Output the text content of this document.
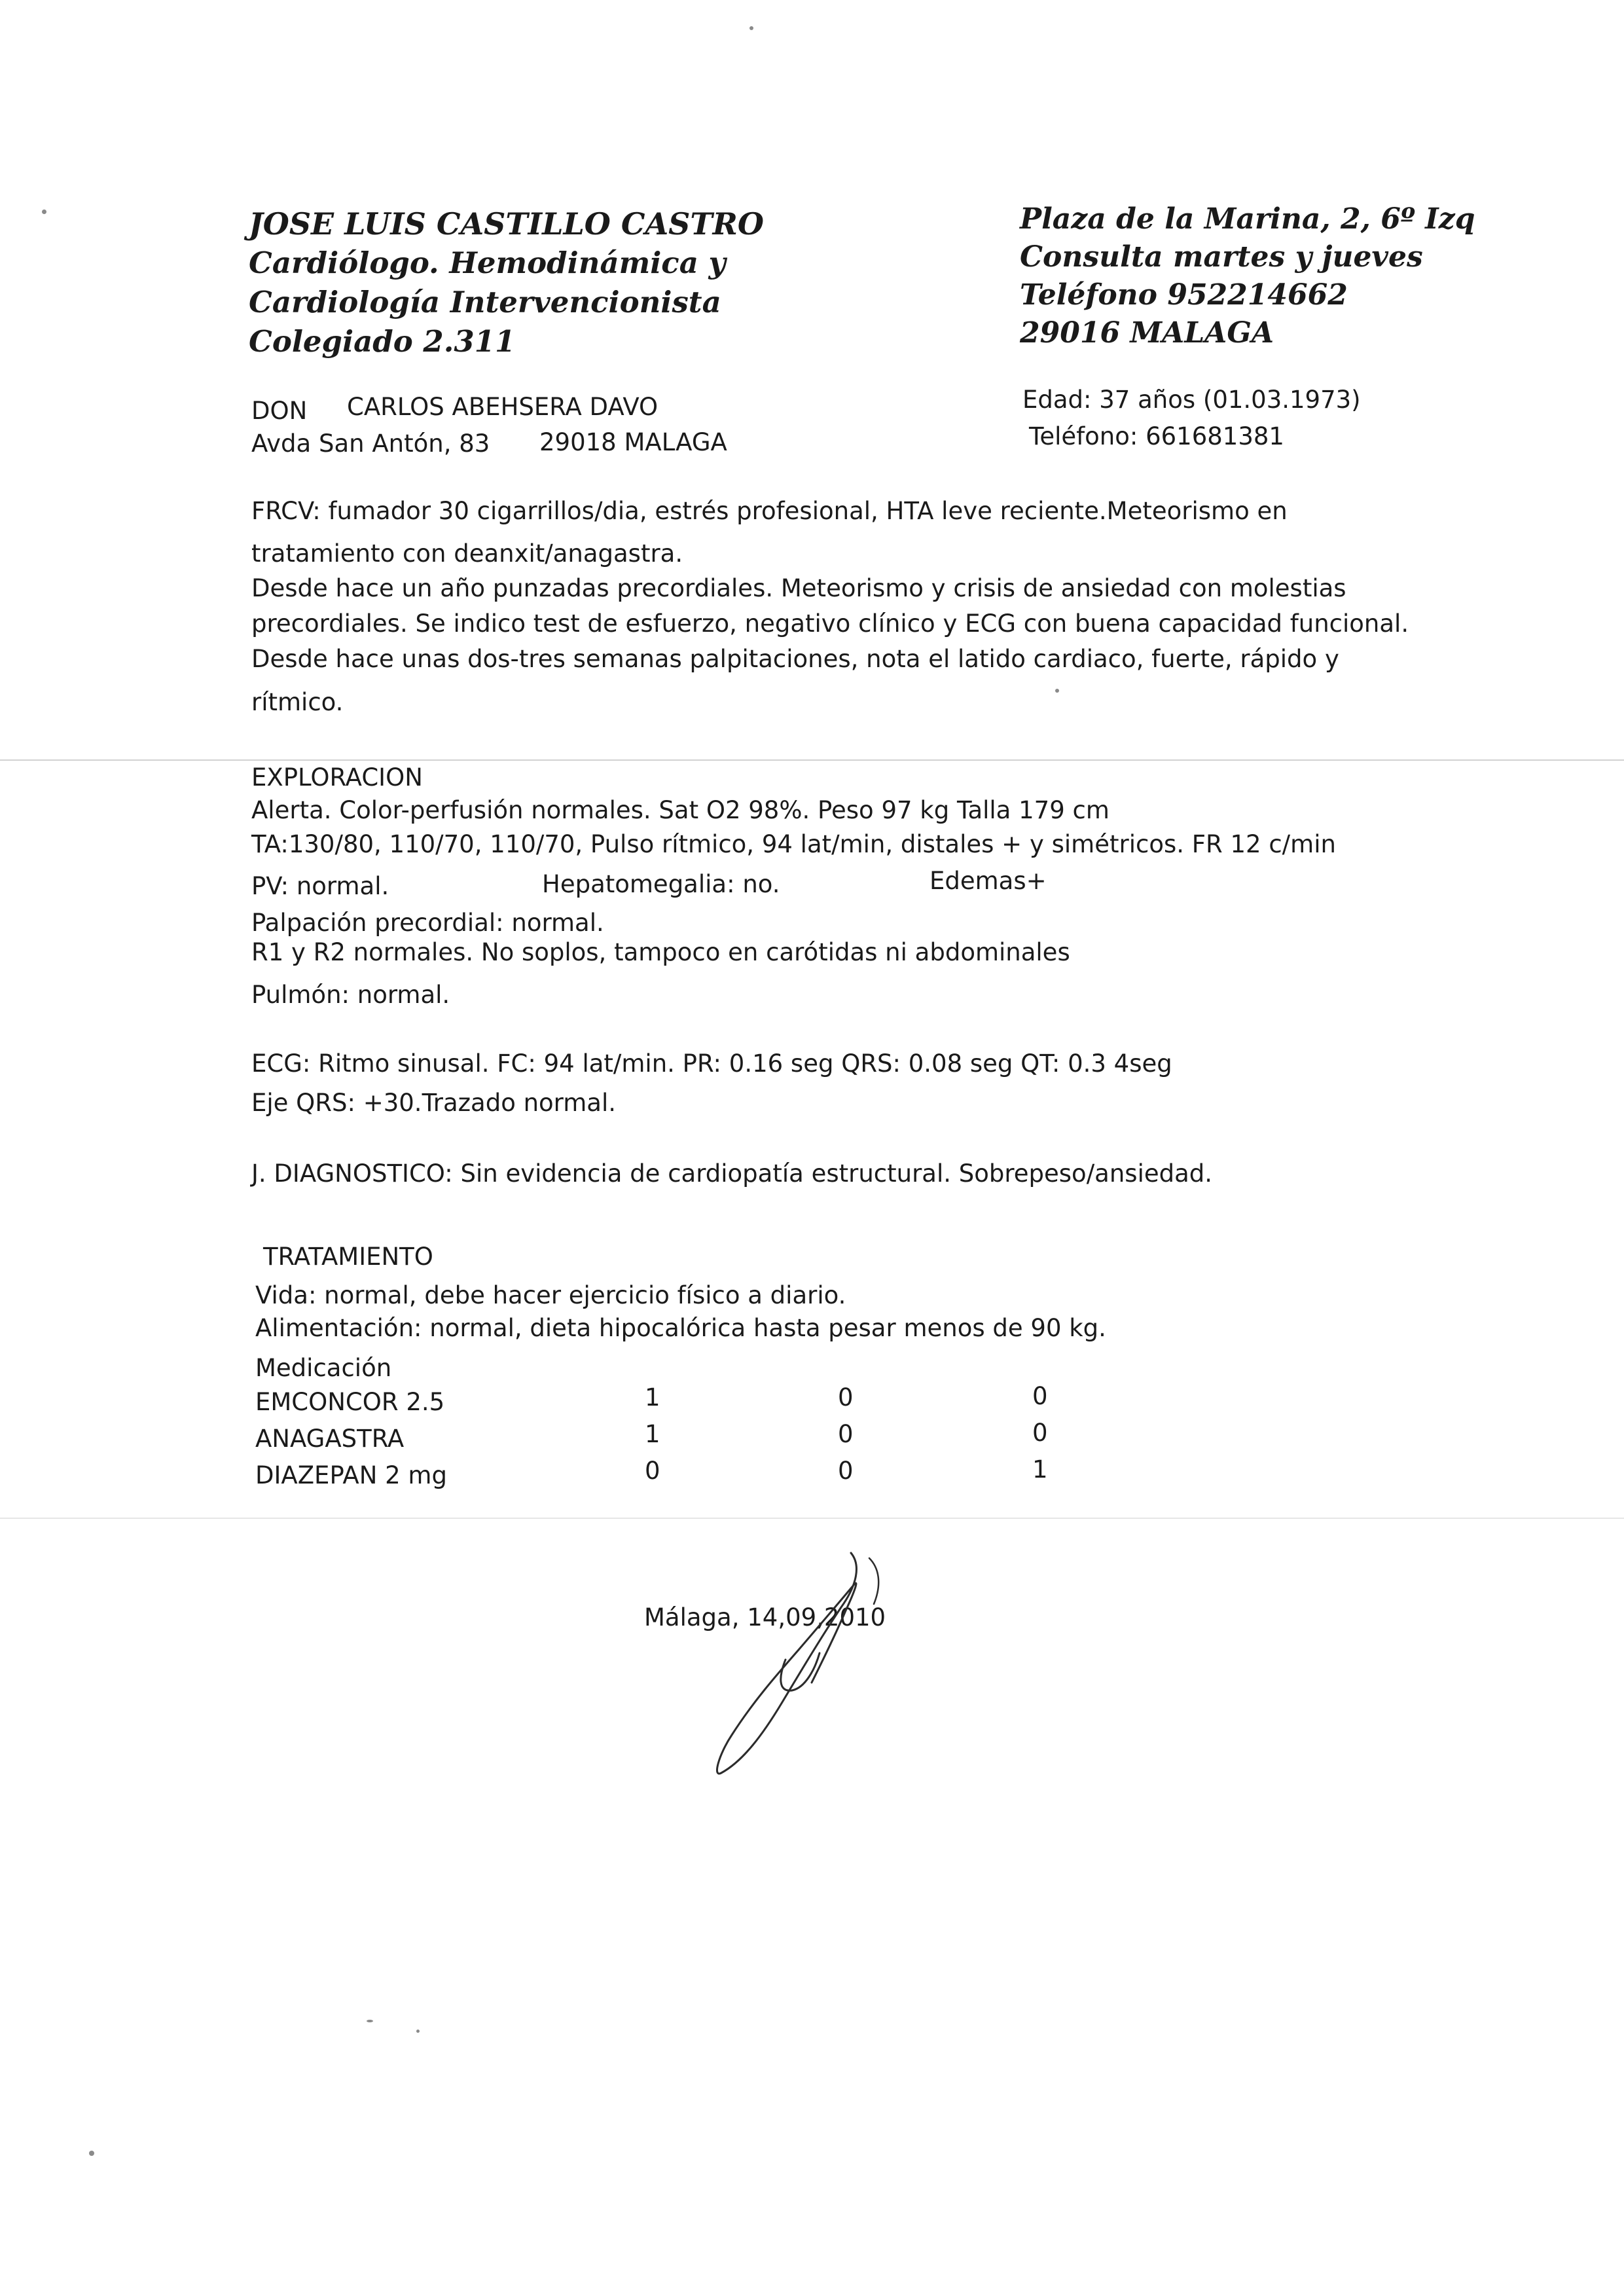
JOSE LUIS CASTILLO CASTRO
Cardiólogo. Hemodinámica y
Cardiología Intervencionista
Colegiado 2.311
Plaza de la Marina, 2, 6º Izq
Consulta martes y jueves
Teléfono 952214662
29016 MALAGA
DON CARLOS ABEHSERA DAVO
Avda San Antón, 83 29018 MALAGA
Edad: 37 años (01.03.1973)
Teléfono: 661681381
FRCV: fumador 30 cigarrillos/dia, estrés profesional, HTA leve reciente.Meteorismo en
tratamiento con deanxit/anagastra.
Desde hace un año punzadas precordiales. Meteorismo y crisis de ansiedad con molestias
precordiales. Se indico test de esfuerzo, negativo clínico y ECG con buena capacidad funcional.
Desde hace unas dos-tres semanas palpitaciones, nota el latido cardiaco, fuerte, rápido y
rítmico.
EXPLORACION
Alerta. Color-perfusión normales. Sat O2 98%. Peso 97 kg Talla 179 cm
TA:130/80, 110/70, 110/70, Pulso rítmico, 94 lat/min, distales + y simétricos. FR 12 c/min
PV: normal.	Hepatomegalia: no.	Edemas+
Palpación precordial: normal.
R1 y R2 normales. No soplos, tampoco en carótidas ni abdominales
Pulmón: normal.
ECG: Ritmo sinusal. FC: 94 lat/min. PR: 0.16 seg QRS: 0.08 seg QT: 0.3 4seg
Eje QRS: +30.Trazado normal.
J. DIAGNOSTICO: Sin evidencia de cardiopatía estructural. Sobrepeso/ansiedad.
TRATAMIENTO
Vida: normal, debe hacer ejercicio físico a diario.
Alimentación: normal, dieta hipocalórica hasta pesar menos de 90 kg.
Medicación
EMCONCOR 2.5
ANAGASTRA
DIAZEPAN 2 mg
1
1
0
0
0
0
0
0
1
Málaga, 14,09,2010
